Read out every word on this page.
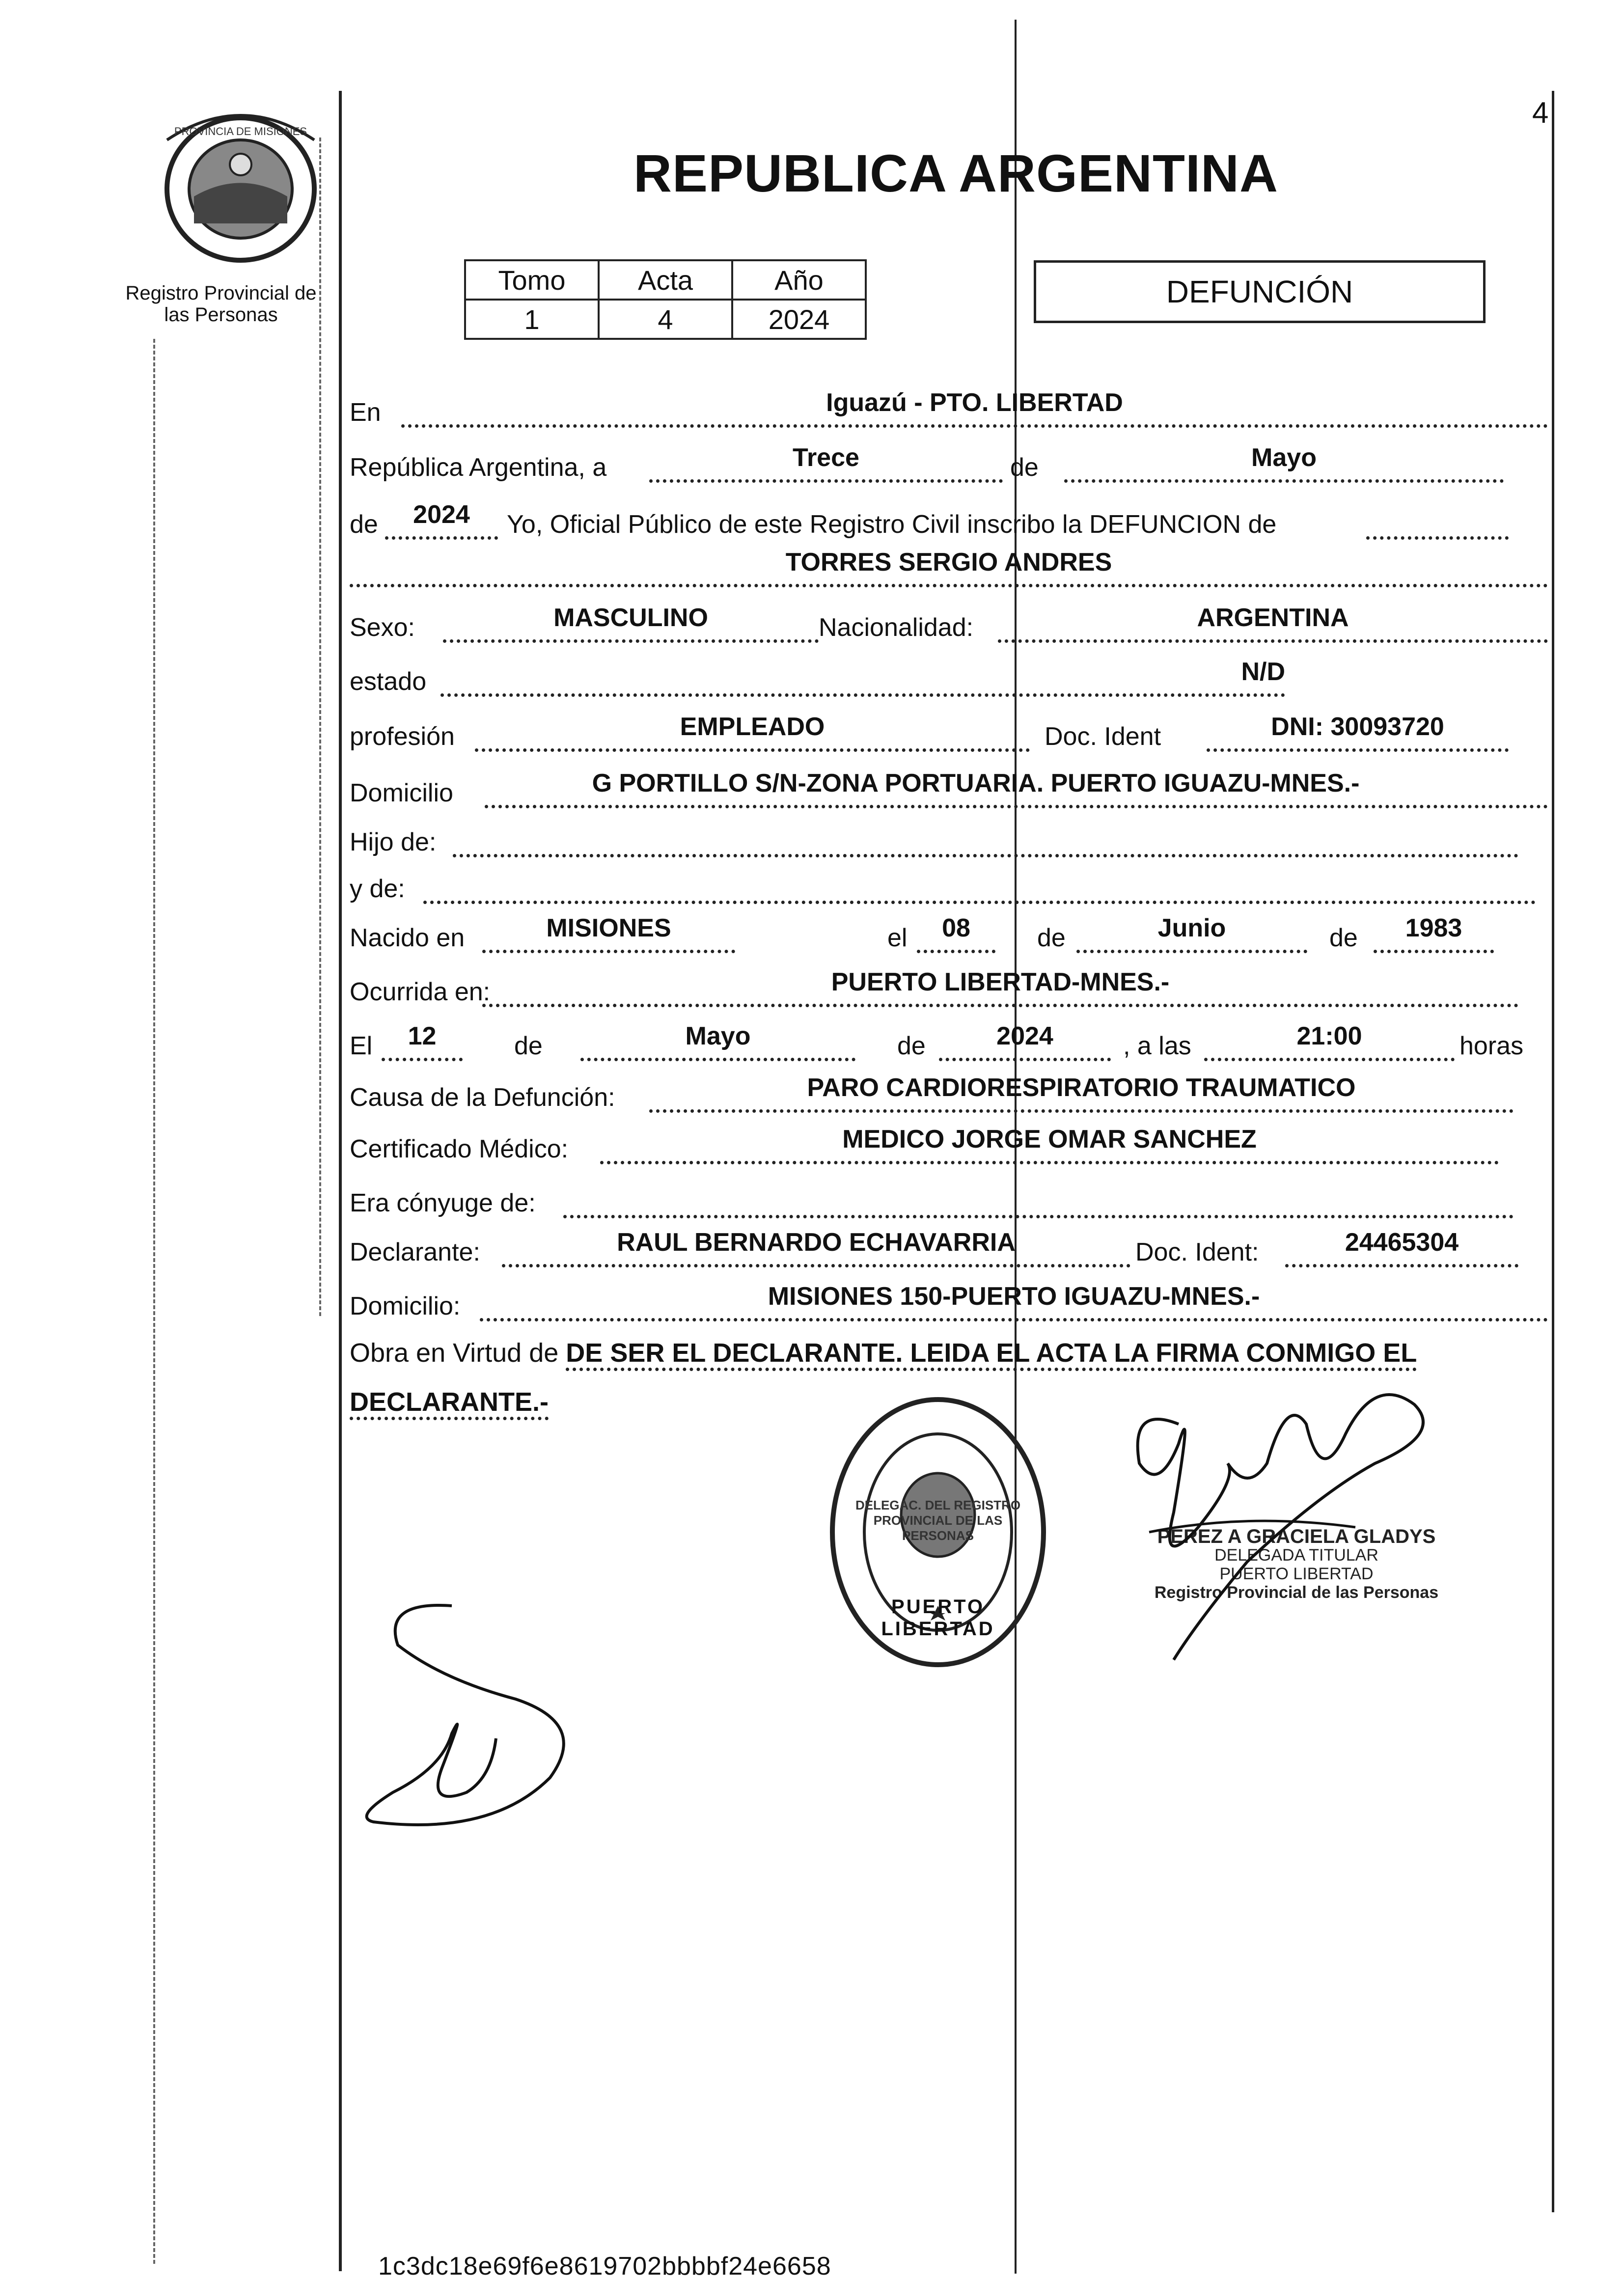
4
PROVINCIA DE MISIONES
Registro Provincial de las Personas
REPUBLICA ARGENTINA
Tomo	Acta	Año
1	4	2024
DEFUNCIÓN
En	Iguazú - PTO. LIBERTAD
República Argentina, a	Trece	de	Mayo
de	2024	Yo, Oficial Público de este Registro Civil inscribo la DEFUNCION de
TORRES SERGIO ANDRES
Sexo:	MASCULINO	Nacionalidad:	ARGENTINA
estado	N/D
profesión	EMPLEADO	Doc. Ident	DNI: 30093720
Domicilio	G PORTILLO S/N-ZONA PORTUARIA. PUERTO IGUAZU-MNES.-
Hijo de:
y de:
Nacido en	MISIONES	el	08	de	Junio	de	1983
Ocurrida en:	PUERTO LIBERTAD-MNES.-
El	12	de	Mayo	de	2024	, a las	21:00	horas
Causa de la Defunción:	PARO CARDIORESPIRATORIO TRAUMATICO
Certificado Médico:	MEDICO JORGE OMAR SANCHEZ
Era cónyuge de:
Declarante:	RAUL BERNARDO ECHAVARRIA	Doc. Ident:	24465304
Domicilio:	MISIONES 150-PUERTO IGUAZU-MNES.-
Obra en Virtud de DE SER EL DECLARANTE. LEIDA EL ACTA LA FIRMA CONMIGO EL DECLARANTE.-
DELEGAC. DEL REGISTRO PROVINCIAL DE LAS PERSONAS
PUERTO LIBERTAD
PEREZ A GRACIELA GLADYS
DELEGADA TITULAR
PUERTO LIBERTAD
Registro Provincial de las Personas
1c3dc18e69f6e8619702bbbbf24e6658
